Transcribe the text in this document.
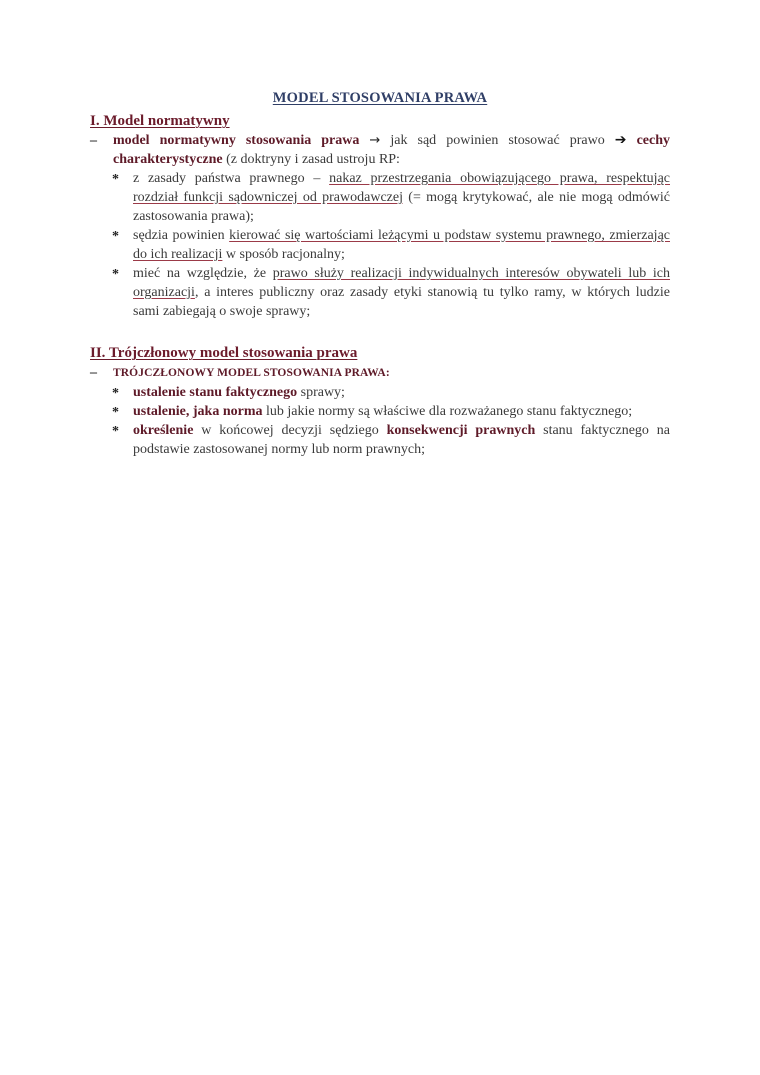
MODEL STOSOWANIA PRAWA
I. Model normatywny
– model normatywny stosowania prawa → jak sąd powinien stosować prawo ➔ cechy charakterystyczne (z doktryny i zasad ustroju RP:
* z zasady państwa prawnego – nakaz przestrzegania obowiązującego prawa, respektując rozdział funkcji sądowniczej od prawodawczej (= mogą krytykować, ale nie mogą odmówić zastosowania prawa);
* sędzia powinien kierować się wartościami leżącymi u podstaw systemu prawnego, zmierzając do ich realizacji w sposób racjonalny;
* mieć na względzie, że prawo służy realizacji indywidualnych interesów obywateli lub ich organizacji, a interes publiczny oraz zasady etyki stanowią tu tylko ramy, w których ludzie sami zabiegają o swoje sprawy;
II. Trójczłonowy model stosowania prawa
– TRÓJCZŁONOWY MODEL STOSOWANIA PRAWA:
* ustalenie stanu faktycznego sprawy;
* ustalenie, jaka norma lub jakie normy są właściwe dla rozważanego stanu faktycznego;
* określenie w końcowej decyzji sędziego konsekwencji prawnych stanu faktycznego na podstawie zastosowanej normy lub norm prawnych;
